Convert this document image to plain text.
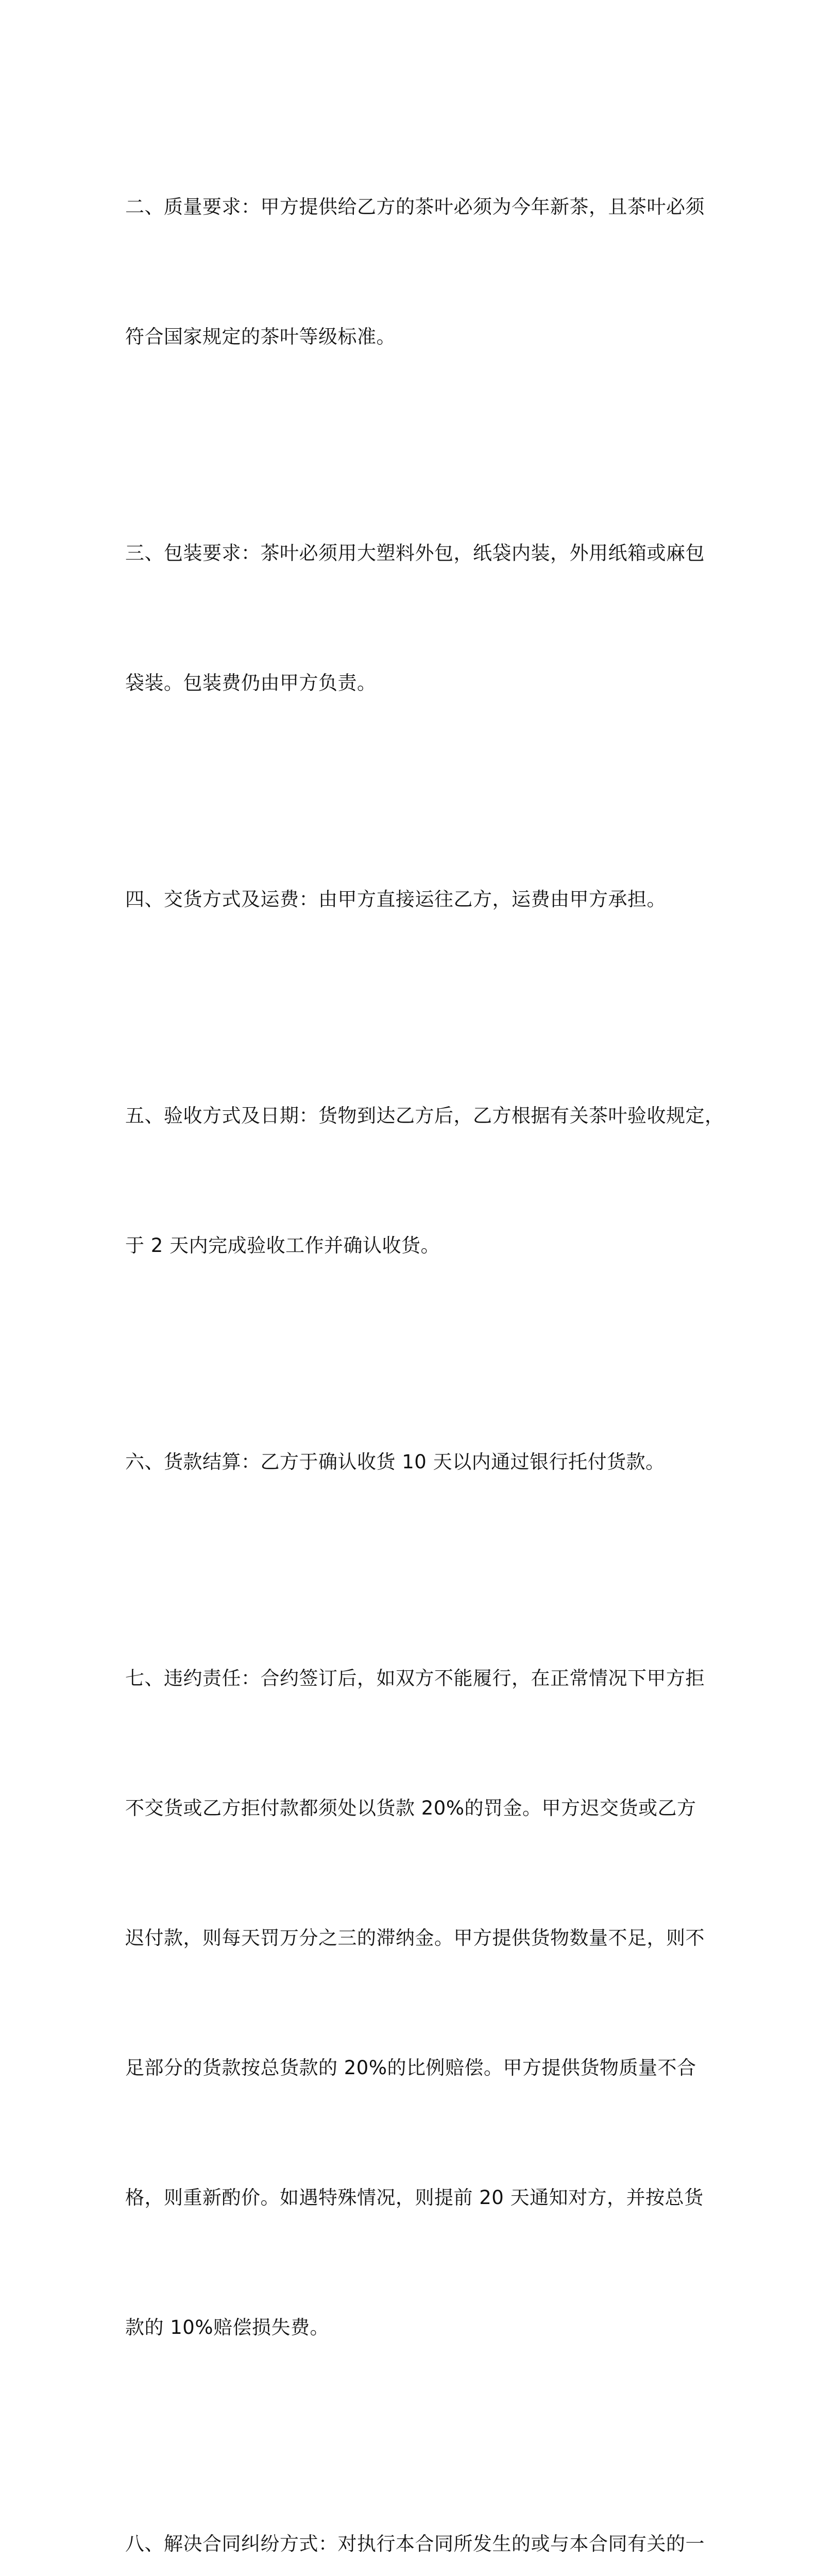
二、质量要求：甲方提供给乙方的茶叶必须为今年新茶，且茶叶必须

符合国家规定的茶叶等级标准。

三、包装要求：茶叶必须用大塑料外包，纸袋内装，外用纸箱或麻包

袋装。包装费仍由甲方负责。

四、交货方式及运费：由甲方直接运往乙方，运费由甲方承担。

五、验收方式及日期：货物到达乙方后，乙方根据有关茶叶验收规定，

于 2 天内完成验收工作并确认收货。

六、货款结算：乙方于确认收货 10 天以内通过银行托付货款。

七、违约责任：合约签订后，如双方不能履行，在正常情况下甲方拒

不交货或乙方拒付款都须处以货款 20%的罚金。甲方迟交货或乙方

迟付款，则每天罚万分之三的滞纳金。甲方提供货物数量不足，则不

足部分的货款按总货款的 20%的比例赔偿。甲方提供货物质量不合

格，则重新酌价。如遇特殊情况，则提前 20 天通知对方，并按总货

款的 10%赔偿损失费。

八、解决合同纠纷方式：对执行本合同所发生的或与本合同有关的一
